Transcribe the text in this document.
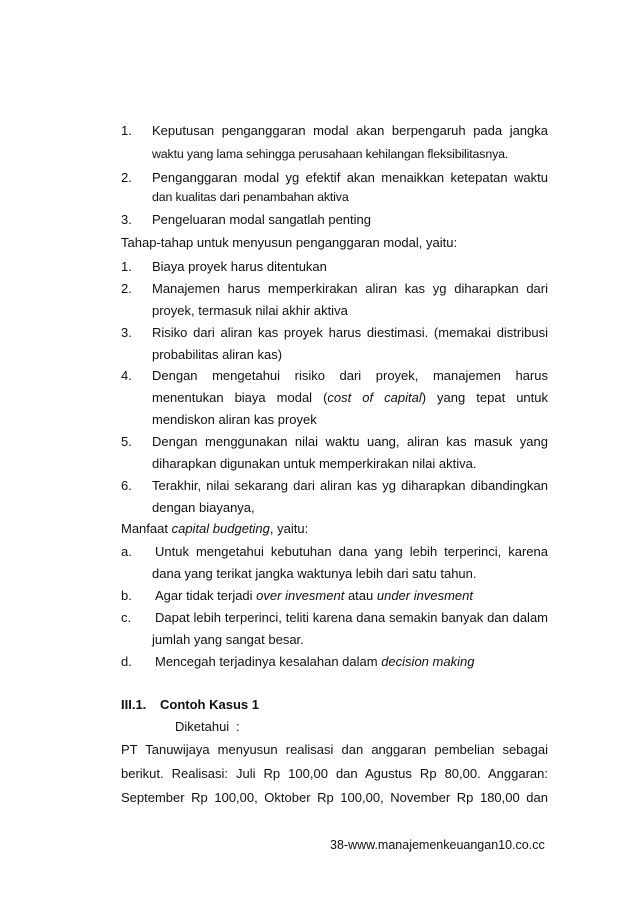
1. Keputusan penganggaran modal akan berpengaruh pada jangka
waktu yang lama sehingga perusahaan kehilangan fleksibilitasnya.
2. Penganggaran modal yg efektif akan menaikkan ketepatan waktu
dan kualitas dari penambahan aktiva
3. Pengeluaran modal sangatlah penting
Tahap-tahap untuk menyusun penganggaran modal, yaitu:
1. Biaya proyek harus ditentukan
2. Manajemen harus memperkirakan aliran kas yg diharapkan dari
proyek, termasuk nilai akhir aktiva
3. Risiko dari aliran kas proyek harus diestimasi. (memakai distribusi
probabilitas aliran kas)
4. Dengan mengetahui risiko dari proyek, manajemen harus
menentukan biaya modal (cost of capital) yang tepat untuk
mendiskon aliran kas proyek
5. Dengan menggunakan nilai waktu uang, aliran kas masuk yang
diharapkan digunakan untuk memperkirakan nilai aktiva.
6. Terakhir, nilai sekarang dari aliran kas yg diharapkan dibandingkan
dengan biayanya,
Manfaat capital budgeting, yaitu:
a. Untuk mengetahui kebutuhan dana yang lebih terperinci, karena
dana yang terikat jangka waktunya lebih dari satu tahun.
b. Agar tidak terjadi over invesment atau under invesment
c. Dapat lebih terperinci, teliti karena dana semakin banyak dan dalam
jumlah yang sangat besar.
d. Mencegah terjadinya kesalahan dalam decision making
III.1. Contoh Kasus 1
Diketahui :
PT Tanuwijaya menyusun realisasi dan anggaran pembelian sebagai
berikut. Realisasi: Juli Rp 100,00 dan Agustus Rp 80,00. Anggaran:
September Rp 100,00, Oktober Rp 100,00, November Rp 180,00 dan
38-www.manajemenkeuangan10.co.cc
